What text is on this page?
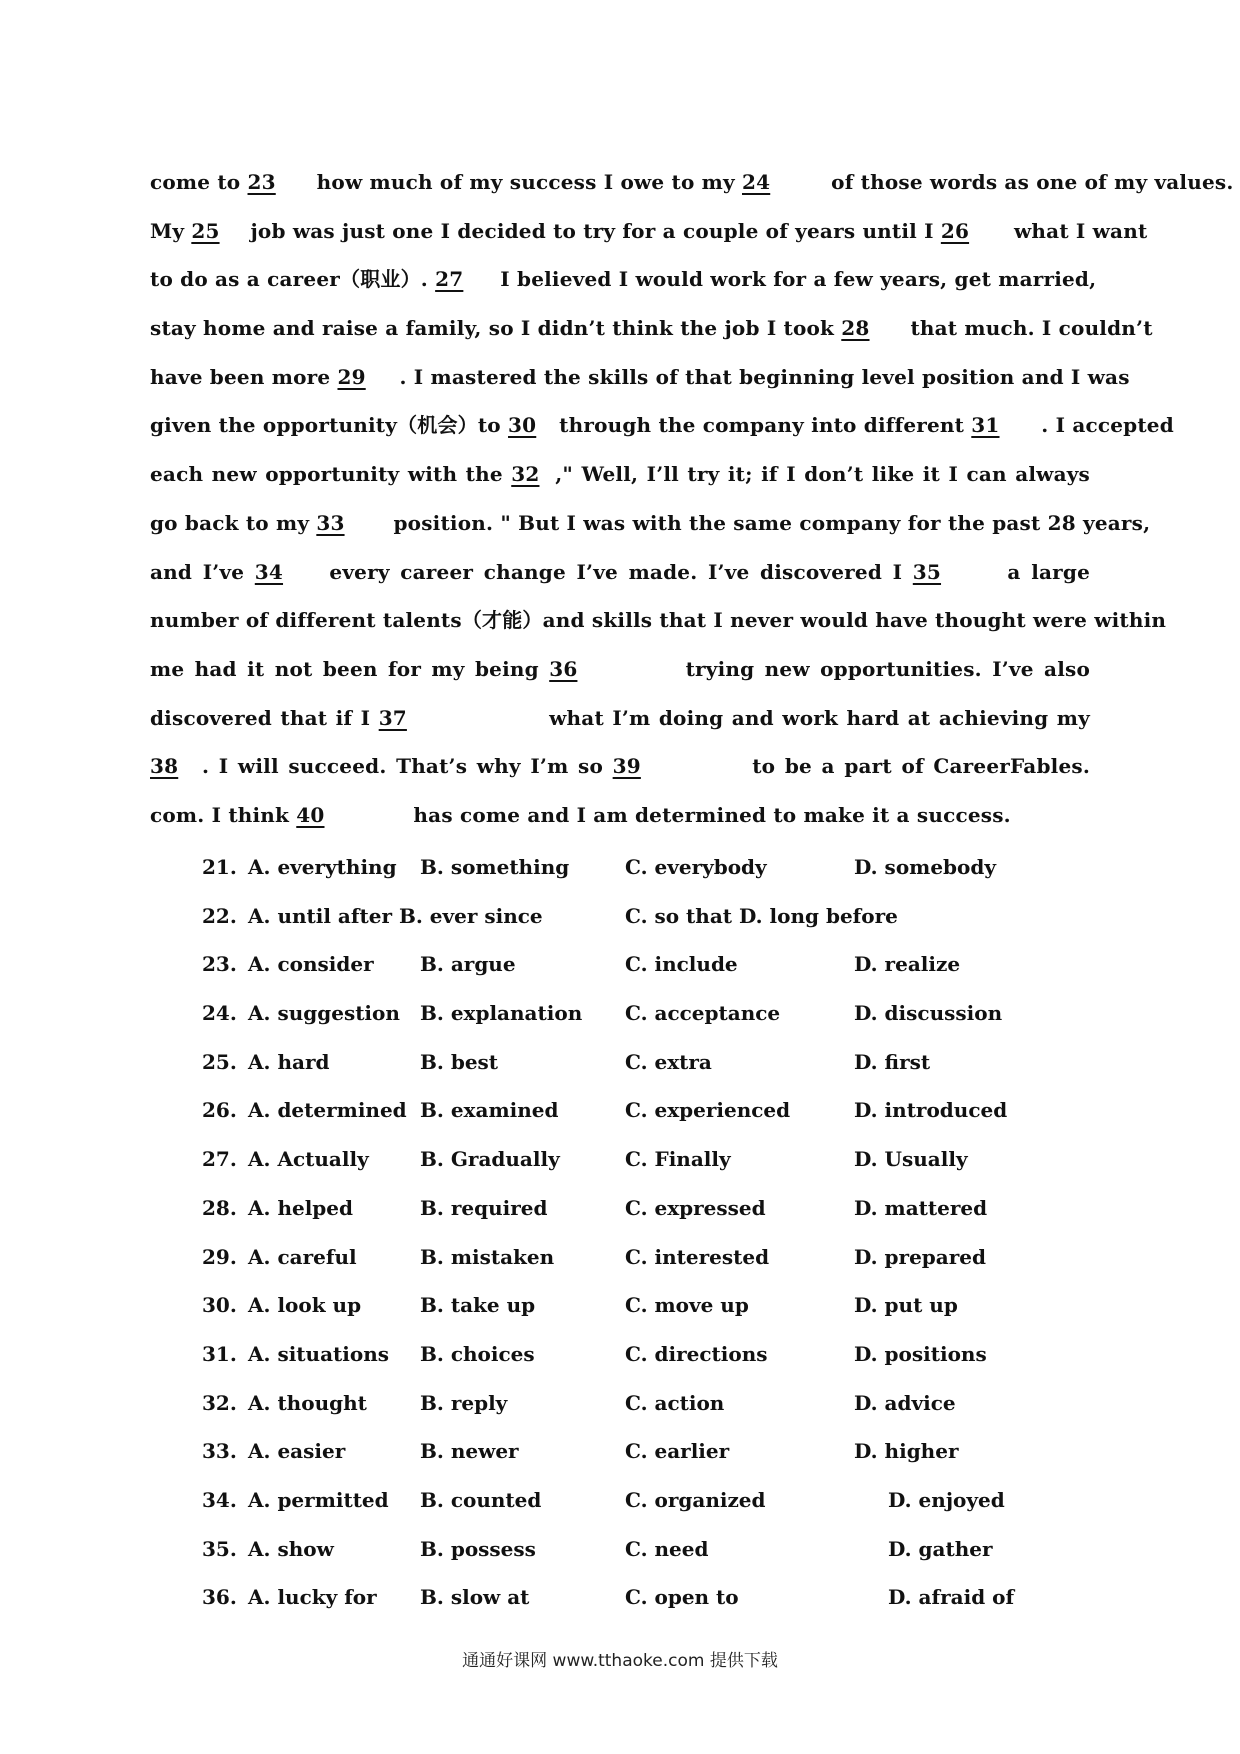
come to 23 how much of my success I owe to my 24	of those words as one of my values.
My 25 job was just one I decided to try for a couple of years until I 26 what I want
to do as a career（职业）. 27 I believed I would work for a few years, get married,
stay home and raise a family, so I didn’t think the job I took 28 that much. I couldn’t
have been more 29 . I mastered the skills of that beginning level position and I was
given the opportunity（机会）to 30 through the company into different 31 . I accepted
each new opportunity with the 32 ," Well, I’ll try it; if I don’t like it I can always
go back to my 33 position. " But I was with the same company for the past 28 years,
and I’ve 34 every career change I’ve made. I’ve discovered I 35	a large
number of different talents（才能）and skills that I never would have thought were within
me had it not been for my being 36	trying new opportunities. I’ve also
discovered that if I 37	what I’m doing and work hard at achieving my
38 . I will succeed. That’s why I’m so 39	to be a part of CareerFables.
com. I think 40	has come and I am determined to make it a success.
21. A. everything B. something	C. everybody	D. somebody
22. A. until after B. ever since	C. so that D. long before
23. A. consider B. argue	C. include	D. realize
24. A. suggestion B. explanation C. acceptance	D. discussion
25. A. hard	B. best	C. extra	D. first
26. A. determined B. examined	C. experienced	D. introduced
27. A. Actually	B. Gradually	C. Finally	D. Usually
28. A. helped	B. required	C. expressed	D. mattered
29. A. careful	B. mistaken	C. interested	D. prepared
30. A. look up	B. take up	C. move up	D. put up
31. A. situations B. choices	C. directions	D. positions
32. A. thought	B. reply	C. action	D. advice
33. A. easier	B. newer	C. earlier	D. higher
34. A. permitted B. counted	C. organized	D. enjoyed
35. A. show	B. possess	C. need	D. gather
36. A. lucky for B. slow at	C. open to	D. afraid of
通通好课网 www.tthaoke.com 提供下载
